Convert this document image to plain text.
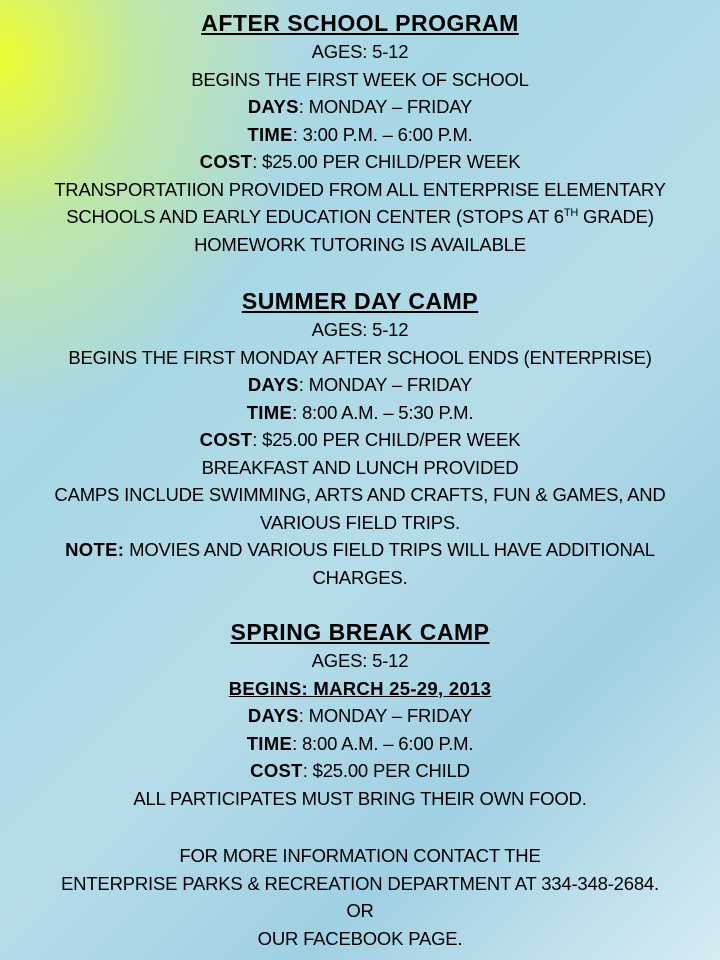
AFTER SCHOOL PROGRAM
AGES: 5-12
BEGINS THE FIRST WEEK OF SCHOOL
DAYS: MONDAY – FRIDAY
TIME: 3:00 P.M. – 6:00 P.M.
COST: $25.00 PER CHILD/PER WEEK
TRANSPORTATIION PROVIDED FROM ALL ENTERPRISE ELEMENTARY
SCHOOLS AND EARLY EDUCATION CENTER (STOPS AT 6TH GRADE)
HOMEWORK TUTORING IS AVAILABLE
SUMMER DAY CAMP
AGES: 5-12
BEGINS THE FIRST MONDAY AFTER SCHOOL ENDS (ENTERPRISE)
DAYS: MONDAY – FRIDAY
TIME: 8:00 A.M. – 5:30 P.M.
COST: $25.00 PER CHILD/PER WEEK
BREAKFAST AND LUNCH PROVIDED
CAMPS INCLUDE SWIMMING, ARTS AND CRAFTS, FUN & GAMES, AND
VARIOUS FIELD TRIPS.
NOTE: MOVIES AND VARIOUS FIELD TRIPS WILL HAVE ADDITIONAL
CHARGES.
SPRING BREAK CAMP
AGES: 5-12
BEGINS: MARCH 25-29, 2013
DAYS: MONDAY – FRIDAY
TIME: 8:00 A.M. – 6:00 P.M.
COST: $25.00 PER CHILD
ALL PARTICIPATES MUST BRING THEIR OWN FOOD.
FOR MORE INFORMATION CONTACT THE
ENTERPRISE PARKS & RECREATION DEPARTMENT AT 334-348-2684.
OR
OUR FACEBOOK PAGE.
